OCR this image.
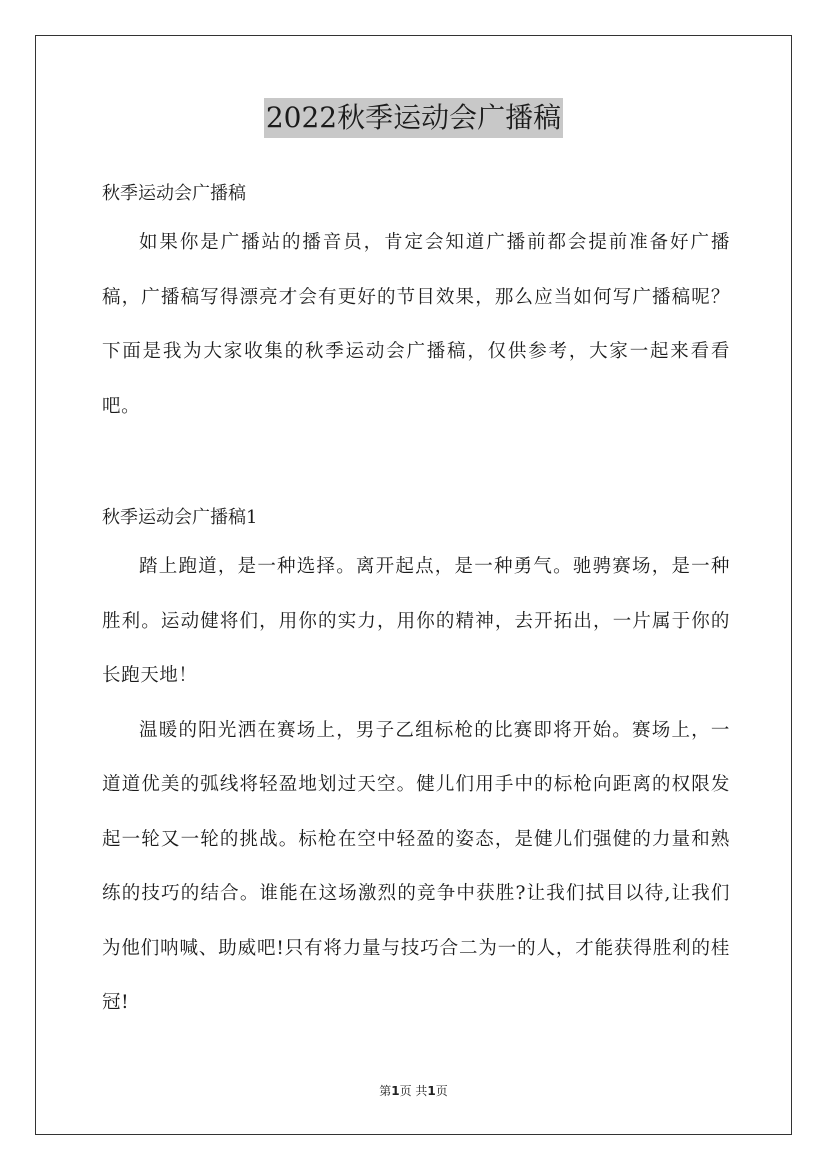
2022秋季运动会广播稿

秋季运动会广播稿

如果你是广播站的播音员，肯定会知道广播前都会提前准备好广播稿，广播稿写得漂亮才会有更好的节目效果，那么应当如何写广播稿呢？下面是我为大家收集的秋季运动会广播稿，仅供参考，大家一起来看看吧。

秋季运动会广播稿1

踏上跑道，是一种选择。离开起点，是一种勇气。驰骋赛场，是一种胜利。运动健将们，用你的实力，用你的精神，去开拓出，一片属于你的长跑天地！

温暖的阳光洒在赛场上，男子乙组标枪的比赛即将开始。赛场上，一道道优美的弧线将轻盈地划过天空。健儿们用手中的标枪向距离的权限发起一轮又一轮的挑战。标枪在空中轻盈的姿态，是健儿们强健的力量和熟练的技巧的结合。谁能在这场激烈的竞争中获胜?让我们拭目以待,让我们为他们呐喊、助威吧!只有将力量与技巧合二为一的人，才能获得胜利的桂冠!

第1页 共1页
